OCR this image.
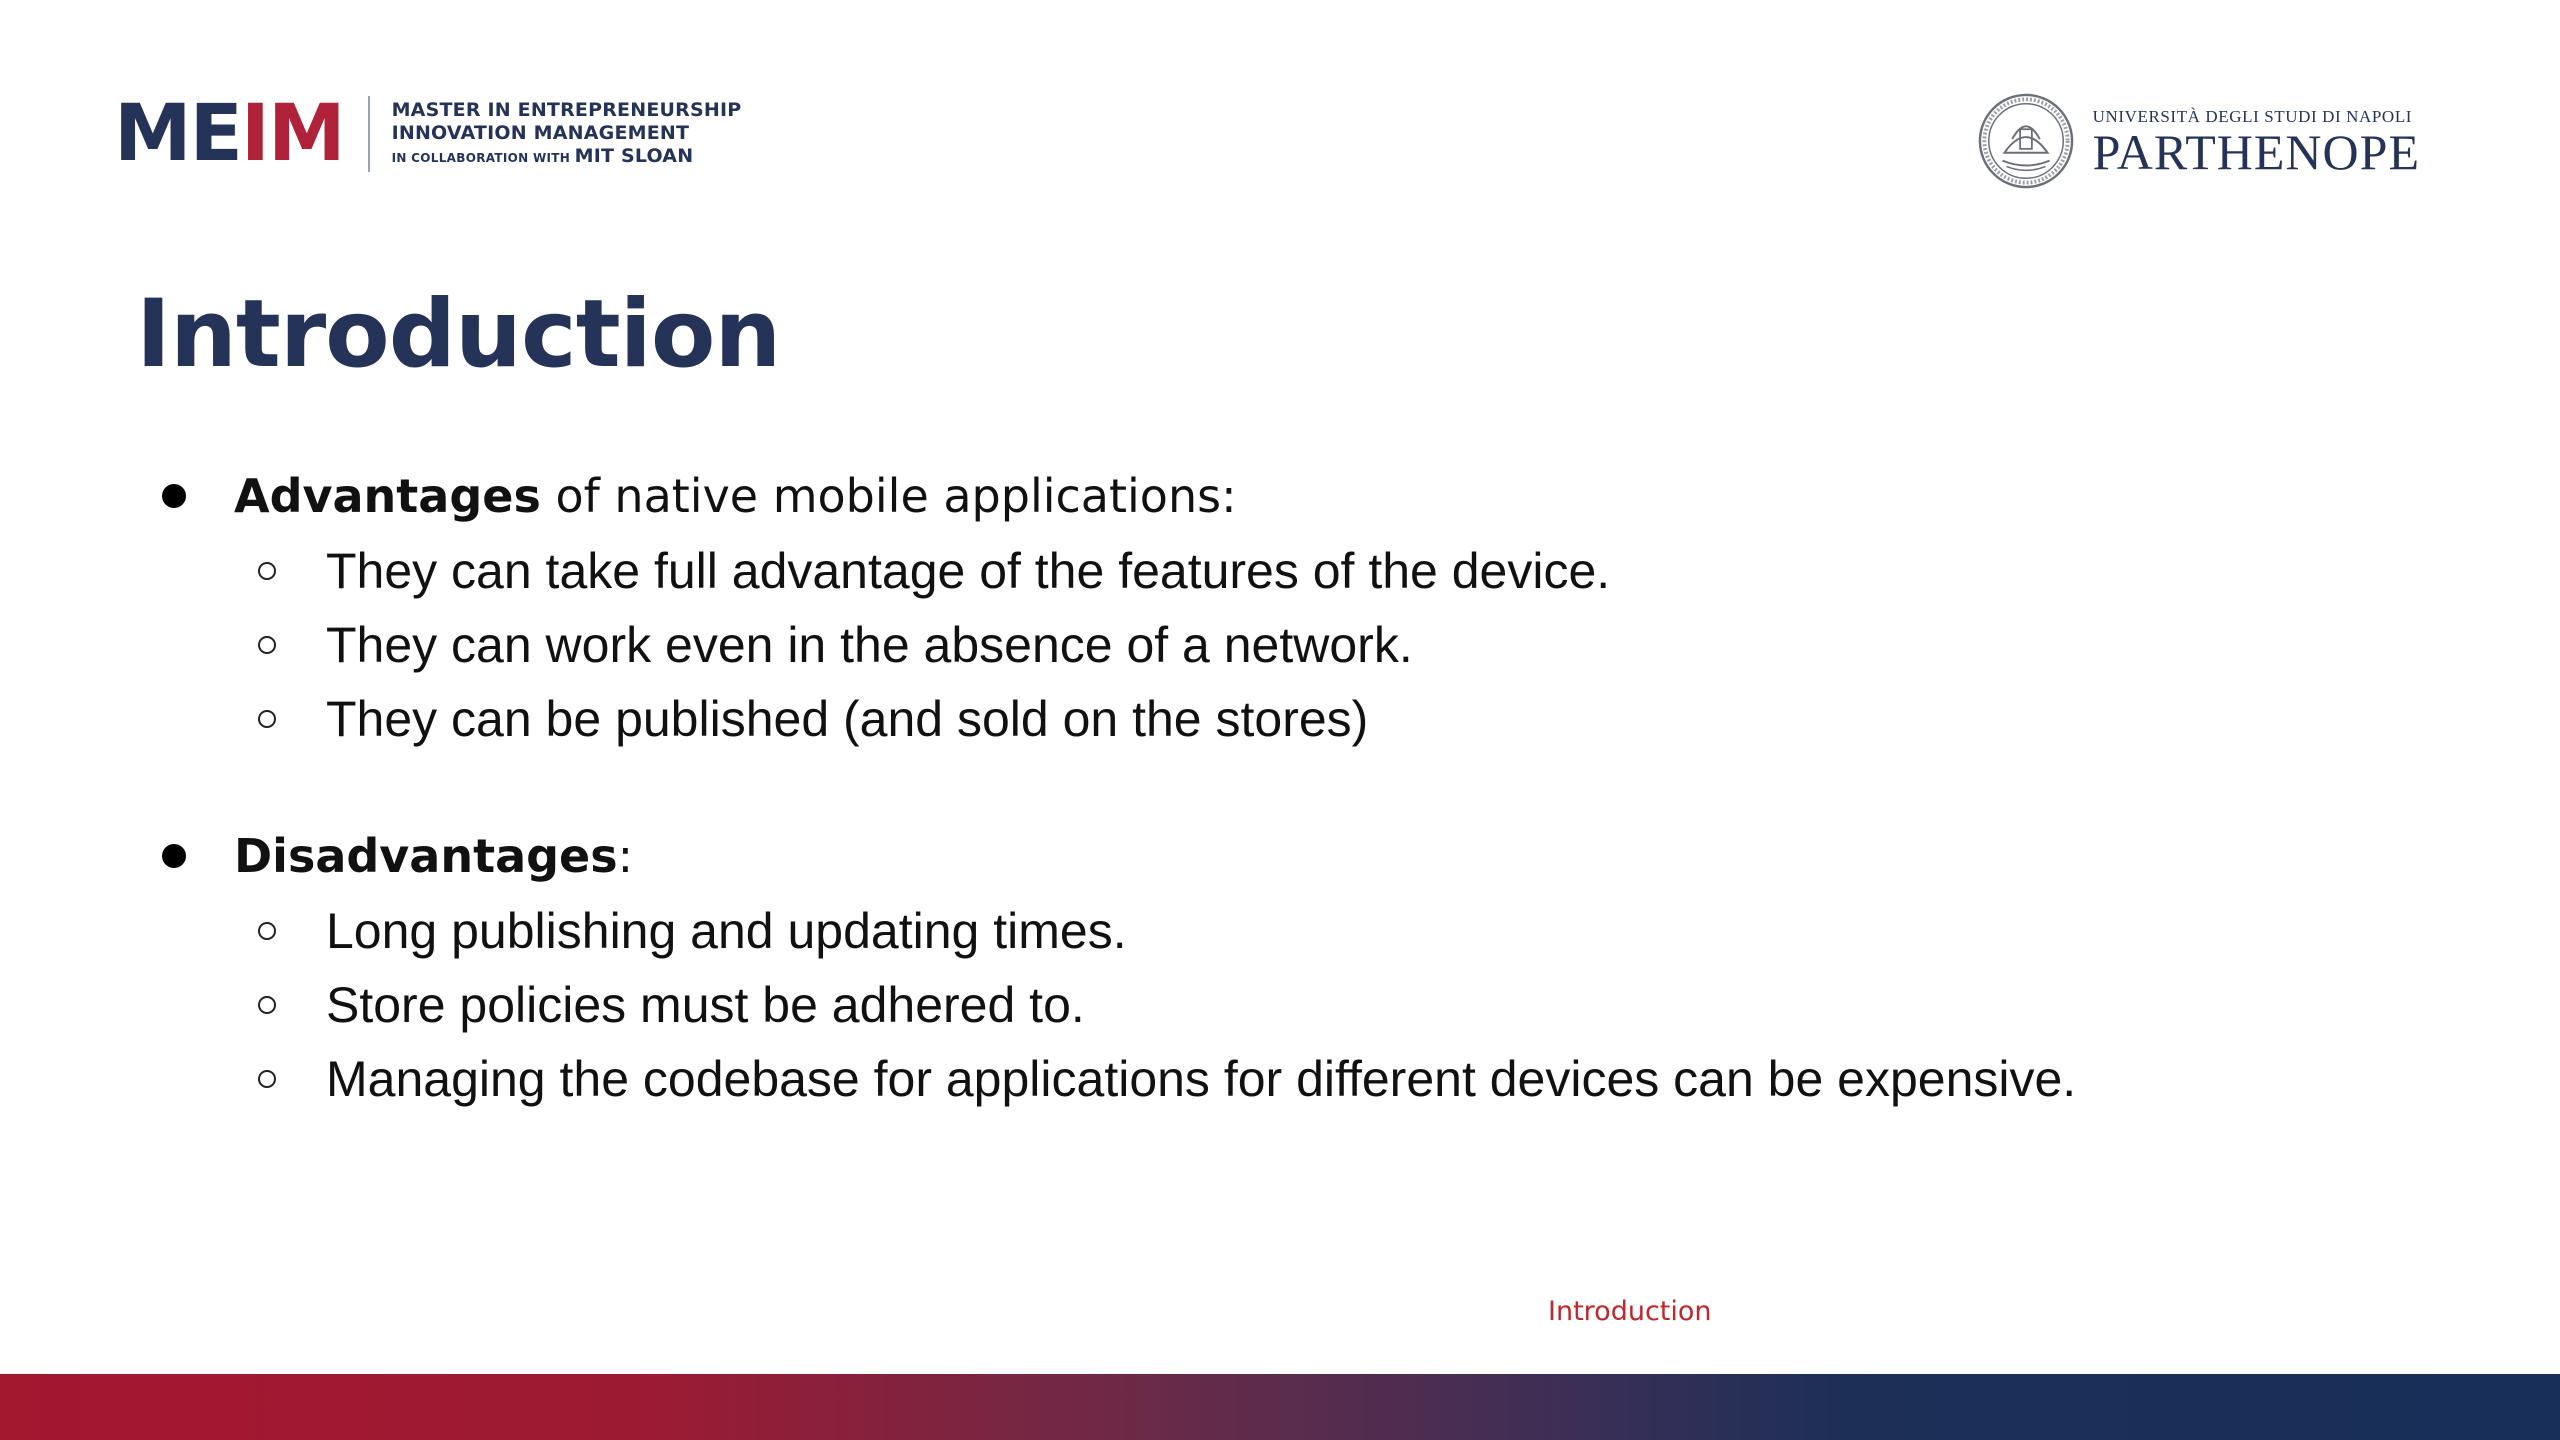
M E I M	MASTER IN ENTREPRENEURSHIP
INNOVATION MANAGEMENT
IN COLLABORATION WITH MIT SLOAN
UNIVERSITÀ DEGLI STUDI DI NAPOLI
PARTHENOPE
Introduction
Advantages of native mobile applications:
They can take full advantage of the features of the device.
They can work even in the absence of a network.
They can be published (and sold on the stores)
Disadvantages:
Long publishing and updating times.
Store policies must be adhered to.
Managing the codebase for applications for different devices can be expensive.
Introduction
